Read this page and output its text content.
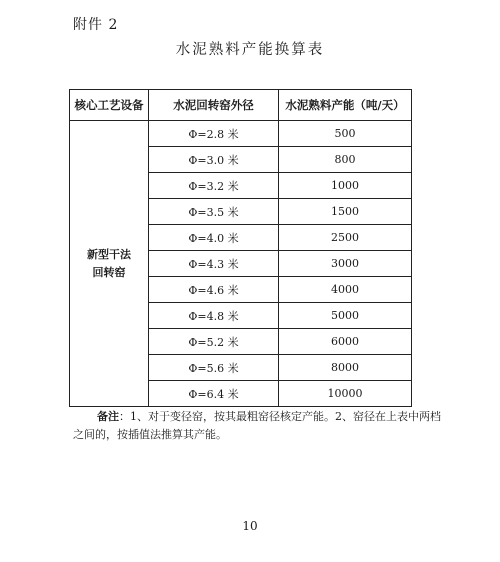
附件 2
水泥熟料产能换算表
核心工艺设备	水泥回转窑外径	水泥熟料产能（吨/天）
新型干法
回转窑	Φ=2.8 米	500
	Φ=3.0 米	800
	Φ=3.2 米	1000
	Φ=3.5 米	1500
	Φ=4.0 米	2500
	Φ=4.3 米	3000
	Φ=4.6 米	4000
	Φ=4.8 米	5000
	Φ=5.2 米	6000
	Φ=5.6 米	8000
	Φ=6.4 米	10000
备注：1、对于变径窑，按其最粗窑径核定产能。2、窑径在上表中两档之间的，按插值法推算其产能。
10
